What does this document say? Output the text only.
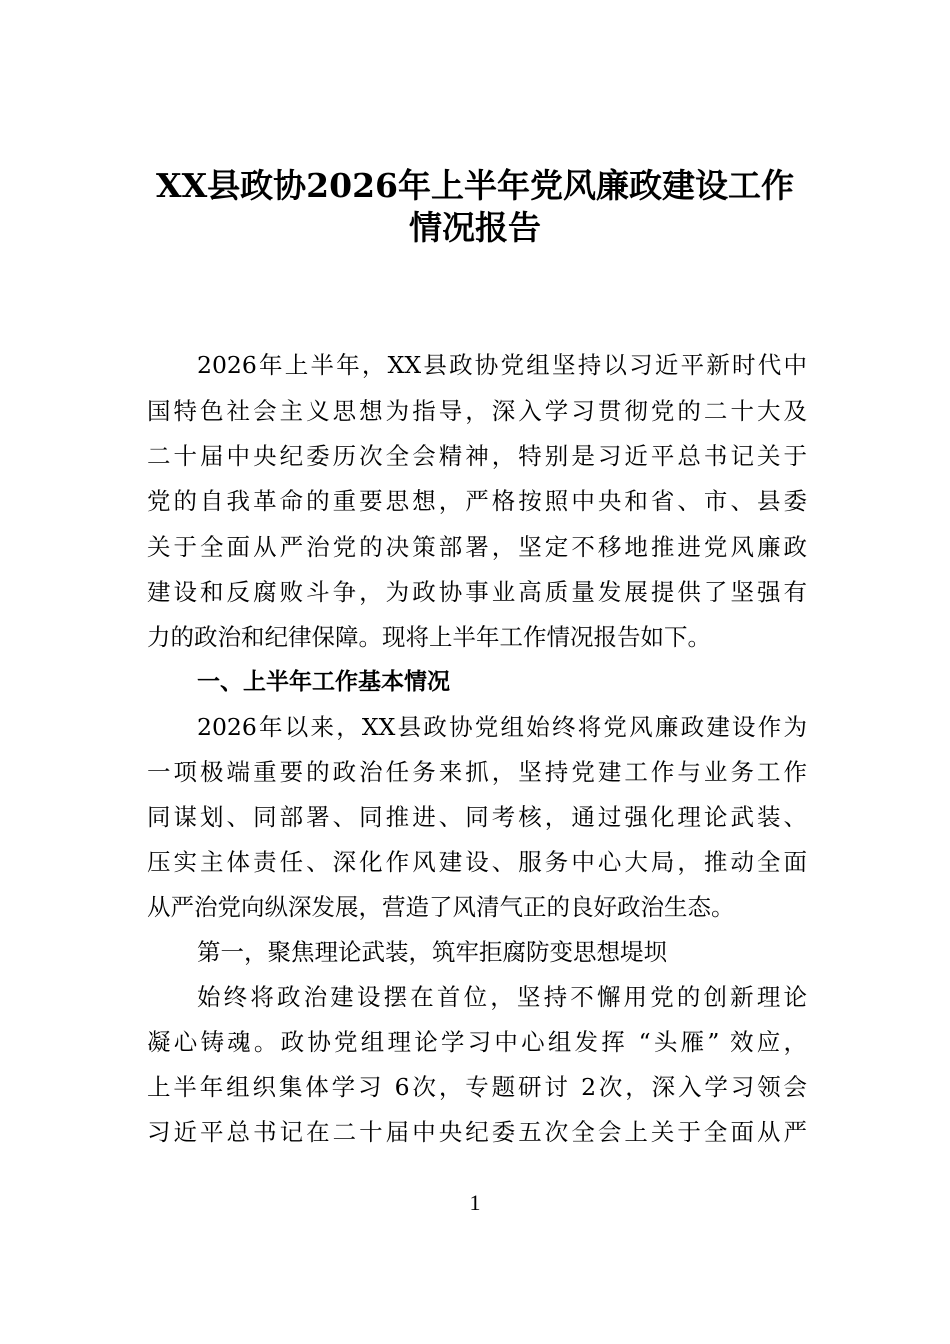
XX县政协2026年上半年党风廉政建设工作
情况报告
2026年上半年，XX县政协党组坚持以习近平新时代中
国特色社会主义思想为指导，深入学习贯彻党的二十大及
二十届中央纪委历次全会精神，特别是习近平总书记关于
党的自我革命的重要思想，严格按照中央和省、市、县委
关于全面从严治党的决策部署，坚定不移地推进党风廉政
建设和反腐败斗争，为政协事业高质量发展提供了坚强有
力的政治和纪律保障。现将上半年工作情况报告如下。
一、上半年工作基本情况
2026年以来，XX县政协党组始终将党风廉政建设作为
一项极端重要的政治任务来抓，坚持党建工作与业务工作
同谋划、同部署、同推进、同考核，通过强化理论武装、
压实主体责任、深化作风建设、服务中心大局，推动全面
从严治党向纵深发展，营造了风清气正的良好政治生态。
第一，聚焦理论武装，筑牢拒腐防变思想堤坝
始终将政治建设摆在首位，坚持不懈用党的创新理论
凝心铸魂。政协党组理论学习中心组发挥 “头雁” 效应，
上半年组织集体学习 6次，专题研讨 2次，深入学习领会
习近平总书记在二十届中央纪委五次全会上关于全面从严
1
